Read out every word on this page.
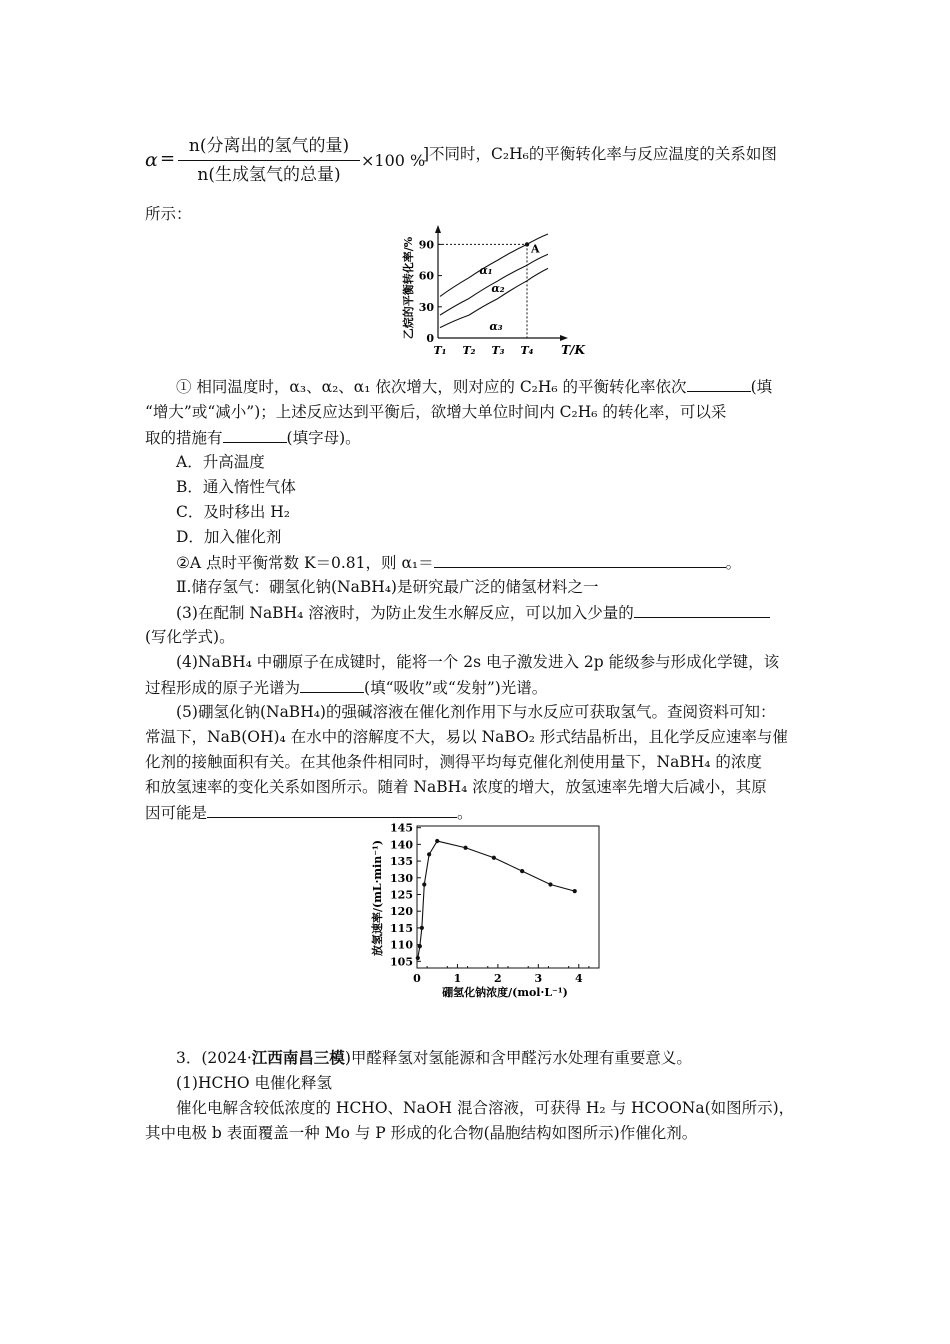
α =
n(分离出的氢气的量)
n(生成氢气的总量)
×100 %
]不同时，C₂H₆的平衡转化率与反应温度的关系如图
所示：
乙烷的平衡转化率/% 90
60
30
0
T₁ T₂ T₃ T₄
α₁
α₂
α₃
A
T/K
① 相同温度时，α₃、α₂、α₁ 依次增大，则对应的 C₂H₆ 的平衡转化率依次	(填
“增大”或“减小”)；上述反应达到平衡后，欲增大单位时间内 C₂H₆ 的转化率，可以采
取的措施有	(填字母)。
A．升高温度
B．通入惰性气体
C．及时移出 H₂
D．加入催化剂
②A 点时平衡常数 K＝0.81，则 α₁＝	。
Ⅱ.储存氢气：硼氢化钠(NaBH₄)是研究最广泛的储氢材料之一
(3)在配制 NaBH₄ 溶液时，为防止发生水解反应，可以加入少量的
(写化学式)。
(4)NaBH₄ 中硼原子在成键时，能将一个 2s 电子激发进入 2p 能级参与形成化学键，该
过程形成的原子光谱为	(填“吸收”或“发射”)光谱。
(5)硼氢化钠(NaBH₄)的强碱溶液在催化剂作用下与水反应可获取氢气。查阅资料可知：
常温下，NaB(OH)₄ 在水中的溶解度不大，易以 NaBO₂ 形式结晶析出，且化学反应速率与催
化剂的接触面积有关。在其他条件相同时，测得平均每克催化剂使用量下，NaBH₄ 的浓度
和放氢速率的变化关系如图所示。随着 NaBH₄ 浓度的增大，放氢速率先增大后减小，其原
因可能是	。
放氢速率/(mL·min⁻¹)
145
140
135
130
125
120
115
110
105
0	1	2	3	4
硼氢化钠浓度/(mol·L⁻¹)
3．(2024·江西南昌三模)甲醛释氢对氢能源和含甲醛污水处理有重要意义。
(1)HCHO 电催化释氢
催化电解含较低浓度的 HCHO、NaOH 混合溶液，可获得 H₂ 与 HCOONa(如图所示)，
其中电极 b 表面覆盖一种 Mo 与 P 形成的化合物(晶胞结构如图所示)作催化剂。
